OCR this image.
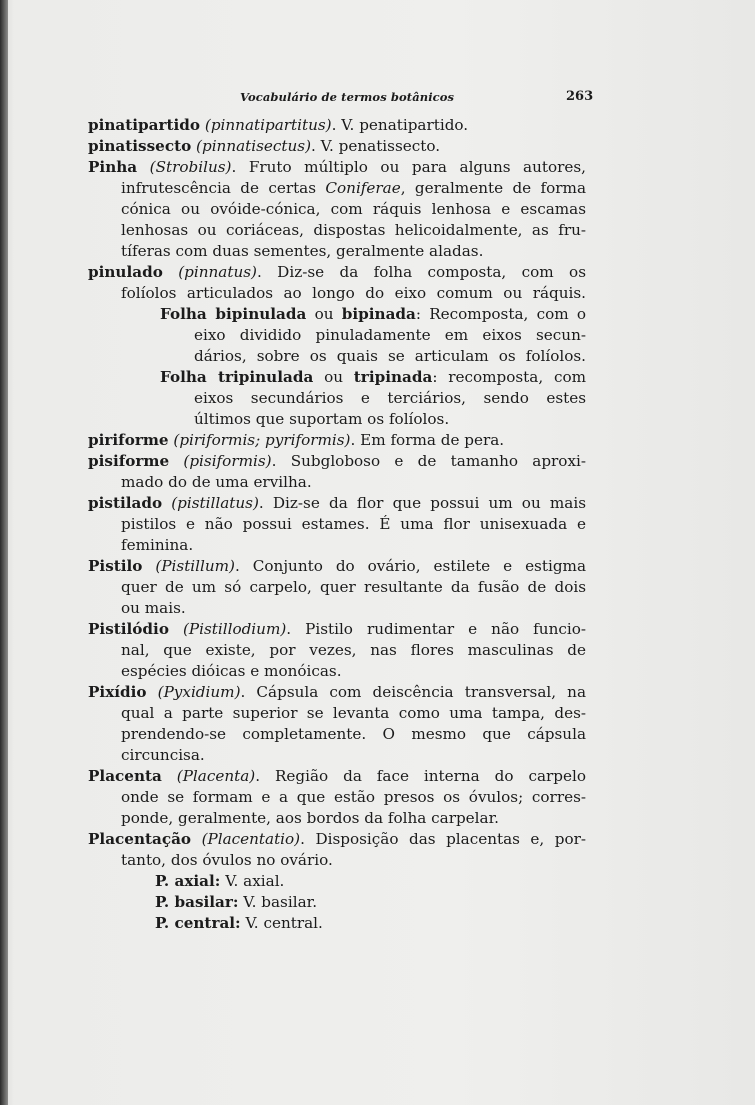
Vocabulário de termos botânicos	263
pinatipartido (pinnatipartitus). V. penatipartido.
pinatissecto (pinnatisectus). V. penatissecto.
Pinha (Strobilus). Fruto múltiplo ou para alguns autores,
infrutescência de certas Coniferae, geralmente de forma
cónica ou ovóide-cónica, com ráquis lenhosa e escamas
lenhosas ou coriáceas, dispostas helicoidalmente, as fru-
tíferas com duas sementes, geralmente aladas.
pinulado (pinnatus). Diz-se da folha composta, com os
folíolos articulados ao longo do eixo comum ou ráquis.
Folha bipinulada ou bipinada: Recomposta, com o
eixo dividido pinuladamente em eixos secun-
dários, sobre os quais se articulam os folíolos.
Folha tripinulada ou tripinada: recomposta, com
eixos secundários e terciários, sendo estes
últimos que suportam os folíolos.
piriforme (piriformis; pyriformis). Em forma de pera.
pisiforme (pisiformis). Subgloboso e de tamanho aproxi-
mado do de uma ervilha.
pistilado (pistillatus). Diz-se da flor que possui um ou mais
pistilos e não possui estames. É uma flor unisexuada e
feminina.
Pistilo (Pistillum). Conjunto do ovário, estilete e estigma
quer de um só carpelo, quer resultante da fusão de dois
ou mais.
Pistilódio (Pistillodium). Pistilo rudimentar e não funcio-
nal, que existe, por vezes, nas flores masculinas de
espécies dióicas e monóicas.
Pixídio (Pyxidium). Cápsula com deiscência transversal, na
qual a parte superior se levanta como uma tampa, des-
prendendo-se completamente. O mesmo que cápsula
circuncisa.
Placenta (Placenta). Região da face interna do carpelo
onde se formam e a que estão presos os óvulos; corres-
ponde, geralmente, aos bordos da folha carpelar.
Placentação (Placentatio). Disposição das placentas e, por-
tanto, dos óvulos no ovário.
P. axial: V. axial.
P. basilar: V. basilar.
P. central: V. central.
